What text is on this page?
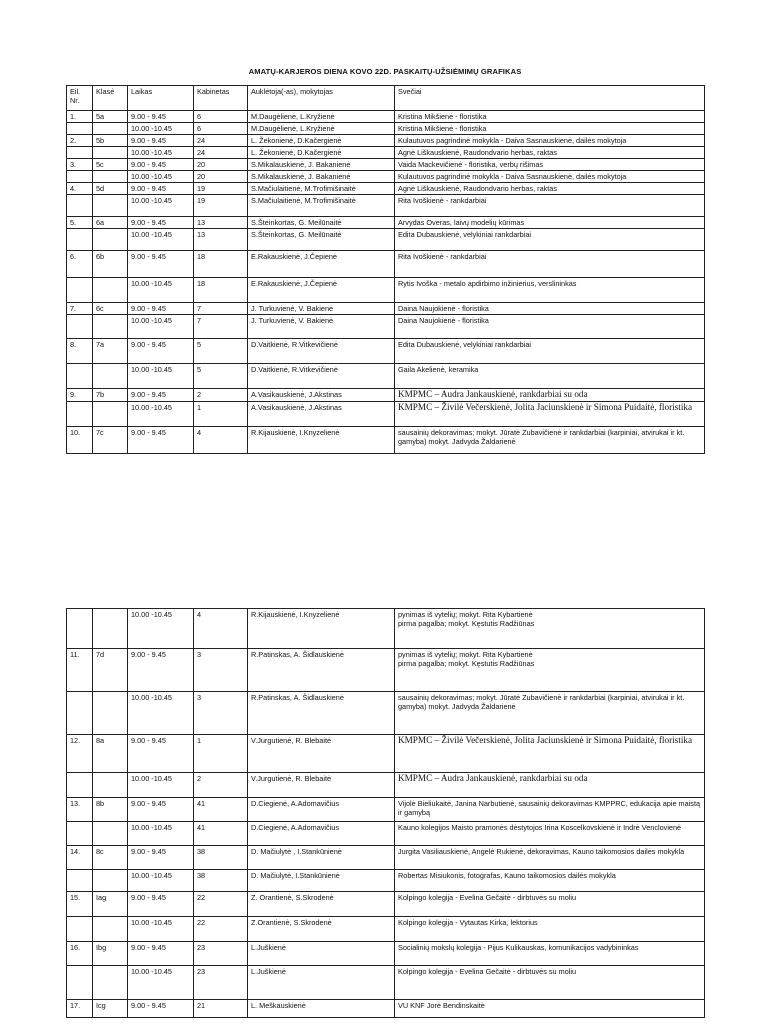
AMATŲ-KARJEROS DIENA KOVO 22D. PASKAITŲ-UŽSIĖMIMŲ GRAFIKAS
Eil. Nr.	Klasė	Laikas	Kabinetas	Auklėtoja(-as), mokytojas	Svečiai
1.	5a	9.00 - 9.45	6	M.Daugėlienė, L.Kryžienė	Kristina Mikšienė - floristika
		10.00 -10.45	6	M.Daugėlienė, L.Kryžienė	Kristina Mikšienė - floristika
2.	5b	9.00 - 9.45	24	L. Žekonienė, D.Kačergienė	Kulautuvos pagrindinė mokykla - Daiva Sasnauskienė, dailės mokytoja
		10.00 -10.45	24	L. Žekonienė, D.Kačergienė	Agnė Liškauskienė, Raudondvario herbas, raktas
3.	5c	9.00 - 9.45	20	S.Mikalauskienė, J. Bakanienė	Vaida Mackevičienė - floristika, verbų rišimas
		10.00 -10.45	20	S.Mikalauskienė, J. Bakanienė	Kulautuvos pagrindinė mokykla - Daiva Sasnauskienė, dailės mokytoja
4.	5d	9.00 - 9.45	19	S.Mačiulaitienė, M.Trofimišinaitė	Agnė Liškauskienė, Raudondvario herbas, raktas
		10.00 -10.45	19	S.Mačiulaitienė, M.Trofimišinaitė	Rita Ivoškienė - rankdarbiai
5.	6a	9.00 - 9.45	13	S.Šteinkortas, G. Meilūnaitė	Arvydas Overas, laivų modelių kūrimas
		10.00 -10.45	13	S.Šteinkortas, G. Meilūnaitė	Edita Dubauskienė, velykiniai rankdarbiai
6.	6b	9.00 - 9.45	18	E.Rakauskienė, J.Čepienė	Rita Ivoškienė - rankdarbiai
		10.00 -10.45	18	E.Rakauskienė, J.Čepienė	Rytis Ivoška - metalo apdirbimo inžinierius, verslininkas
7.	6c	9.00 - 9.45	7	J. Turkuvienė, V. Bakienė	Daina Naujokienė - floristika
		10.00 -10.45	7	J. Turkuvienė, V. Bakienė	Daina Naujokienė - floristika
8.	7a	9.00 - 9.45	5	D.Vaitkienė, R.Vitkevičienė	Edita Dubauskienė, velykiniai rankdarbiai
		10.00 -10.45	5	D.Vaitkienė, R.Vitkevičienė	Gaila Akelienė, keramika
9.	7b	9.00 - 9.45	2	A.Vasikauskienė, J.Akstinas	KMPMC – Audra Jankauskienė, rankdarbiai su oda
		10.00 -10.45	1	A.Vasikauskienė, J.Akstinas	KMPMC – Živilė Večerskienė, Jolita Jaciunskienė ir Simona Puidaitė, floristika
10.	7c	9.00 - 9.45	4	R.Kijauskienė, I.Knyzelienė	sausainių dekoravimas; mokyt. Jūratė Zubavičienė ir rankdarbiai (karpiniai, atvirukai ir kt. gamyba) mokyt. Jadvyda Žaldarienė
		10.00 -10.45	4	R.Kijauskienė, I.Knyzelienė	pynimas iš vytelių; mokyt. Rita Kybartienė
pirma pagalba; mokyt. Kęstutis Radžiūnas
11.	7d	9.00 - 9.45	3	R.Patinskas, A. Šidlauskienė	pynimas iš vytelių; mokyt. Rita Kybartienė
pirma pagalba; mokyt. Kęstutis Radžiūnas
		10.00 -10.45	3	R.Patinskas, A. Šidlauskienė	sausainių dekoravimas; mokyt. Jūratė Zubavičienė ir rankdarbiai (karpiniai, atvirukai ir kt. gamyba) mokyt. Jadvyda Žaldarienė
12.	8a	9.00 - 9.45	1	V.Jurgutienė, R. Blebaitė	KMPMC – Živilė Večerskienė, Jolita Jaciunskienė ir Simona Puidaitė, floristika
		10.00 -10.45	2	V.Jurgutienė, R. Blebaitė	KMPMC – Audra Jankauskienė, rankdarbiai su oda
13.	8b	9.00 - 9.45	41	D.Ciegienė, A.Adomavičius	Vijolė Bieliukaitė, Janina Narbutienė, sausainių dekoravimas KMPPRC, edukacija apie maistą ir gamybą
		10.00 -10.45	41	D.Ciegienė, A.Adomavičius	Kauno kolegijos Maisto pramonės dėstytojos Irina Koscelkovskienė ir Indrė Venclovienė
14.	8c	9.00 - 9.45	38	D. Mačiulytė , I.Stankūnienė	Jurgita Vasiliauskienė, Angelė Rukienė, dekoravimas, Kauno taikomosios dailės mokykla
		10.00 -10.45	38	D. Mačiulytė, I.Stankūnienė	Robertas Misiukonis, fotografas, Kauno taikomosios dailės mokykla
15.	Iag	9.00 - 9.45	22	Z. Orantienė, S.Skrodenė	Kolpingo kolegija - Evelina Gečaitė - dirbtuvės su moliu
		10.00 -10.45	22	Z.Orantienė, S.Skrodenė	Kolpingo kolegija - Vytautas Kirka, lektorius
16.	Ibg	9.00 - 9.45	23	L.Juškienė	Socialinių mokslų kolegija - Pijus Kulikauskas, komunikacijos vadybininkas
		10.00 -10.45	23	L.Juškienė	Kolpingo kolegija - Evelina Gečaitė - dirbtuvės su moliu
17.	Icg	9.00 - 9.45	21	L. Meškauskienė	VU KNF Jorė Bendinskaitė
